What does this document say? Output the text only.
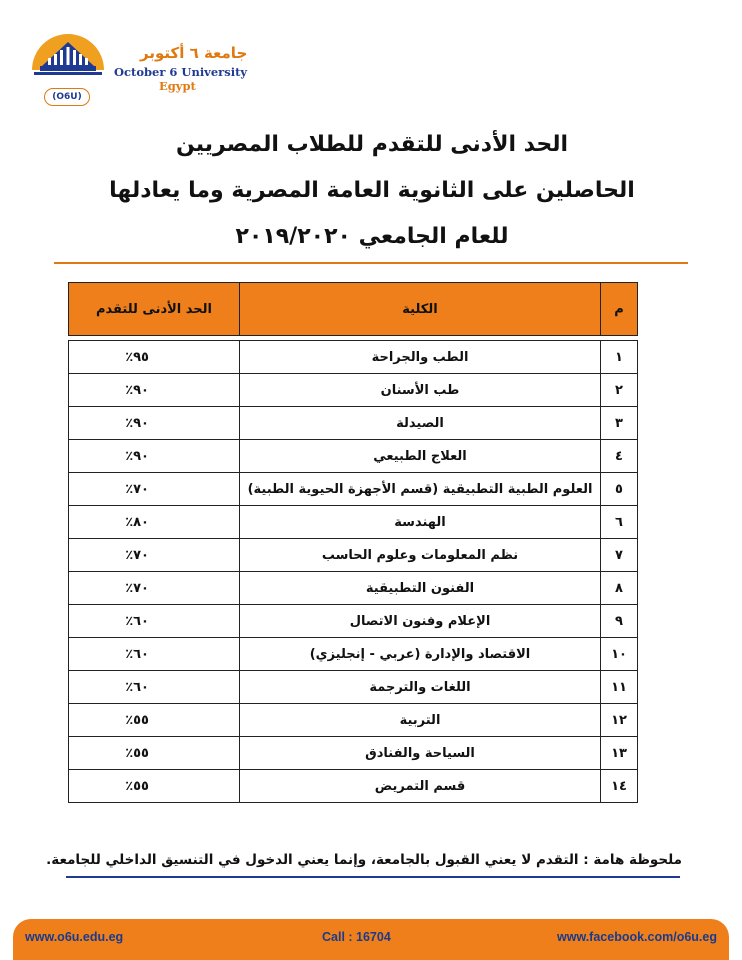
جامعة ٦ أكتوبر
October 6 University
Egypt
(O6U)
الحد الأدنى للتقدم للطلاب المصريين
الحاصلين على الثانوية العامة المصرية وما يعادلها
للعام الجامعي ٢٠١٩/٢٠٢٠
م	الكلية	الحد الأدنى للتقدم

١	الطب والجراحة	٩٥٪
٢	طب الأسنان	٩٠٪
٣	الصيدلة	٩٠٪
٤	العلاج الطبيعي	٩٠٪
٥	العلوم الطبية التطبيقية (قسم الأجهزة الحيوية الطبية)	٧٠٪
٦	الهندسة	٨٠٪
٧	نظم المعلومات وعلوم الحاسب	٧٠٪
٨	الفنون التطبيقية	٧٠٪
٩	الإعلام وفنون الاتصال	٦٠٪
١٠	الاقتصاد والإدارة (عربي - إنجليزي)	٦٠٪
١١	اللغات والترجمة	٦٠٪
١٢	التربية	٥٥٪
١٣	السياحة والفنادق	٥٥٪
١٤	قسم التمريض	٥٥٪
ملحوظة هامة : التقدم لا يعني القبول بالجامعة، وإنما يعني الدخول في التنسيق الداخلي للجامعة.
www.o6u.edu.eg	Call : 16704	www.facebook.com/o6u.eg
